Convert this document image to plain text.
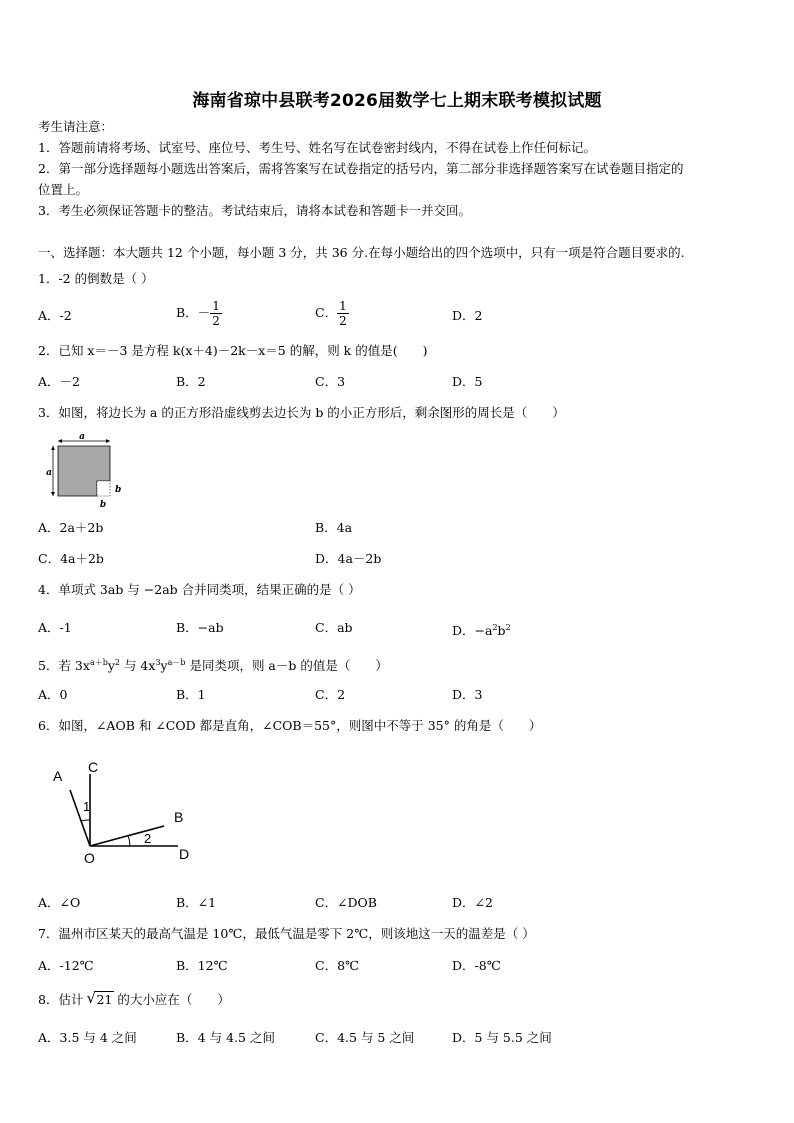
海南省琼中县联考2026届数学七上期末联考模拟试题
考生请注意：
1．答题前请将考场、试室号、座位号、考生号、姓名写在试卷密封线内，不得在试卷上作任何标记。
2．第一部分选择题每小题选出答案后，需将答案写在试卷指定的括号内，第二部分非选择题答案写在试卷题目指定的
位置上。
3．考生必须保证答题卡的整洁。考试结束后，请将本试卷和答题卡一并交回。
一、选择题：本大题共 12 个小题，每小题 3 分，共 36 分.在每小题给出的四个选项中，只有一项是符合题目要求的.
1．-2 的倒数是（ ）
A．-2	B．－ $\frac{1}{2}$	C． $\frac{1}{2}$	D．2
2．已知 x＝－3 是方程 k(x＋4)－2k－x＝5 的解，则 k 的值是(　　)
A．－2	B．2	C．3	D．5
3．如图，将边长为 a 的正方形沿虚线剪去边长为 b 的小正方形后，剩余图形的周长是（　　）
a
a
b
b
A．2a＋2b	B．4a
C．4a＋2b	D．4a－2b
4．单项式 3ab 与 −2ab 合并同类项，结果正确的是（ ）
A．-1	B．−ab	C．ab	D．$-a^2b^2$
5．若 $3x^{a+b}y^2$ 与 $4x^3y^{a-b}$ 是同类项，则 a－b 的值是（　　）
A．0	B．1	C．2	D．3
6．如图，∠AOB 和 ∠COD 都是直角，∠COB＝55°，则图中不等于 35° 的角是（　　）
A
C
B
O	D
1
2
A．∠O	B．∠1	C．∠DOB	D．∠2
7．温州市区某天的最高气温是 10℃，最低气温是零下 2℃，则该地这一天的温差是（ ）
A．-12℃	B．12℃	C．8℃	D．-8℃
8．估计 √ 21 的大小应在（　　）
A．3.5 与 4 之间	B．4 与 4.5 之间	C．4.5 与 5 之间	D．5 与 5.5 之间
